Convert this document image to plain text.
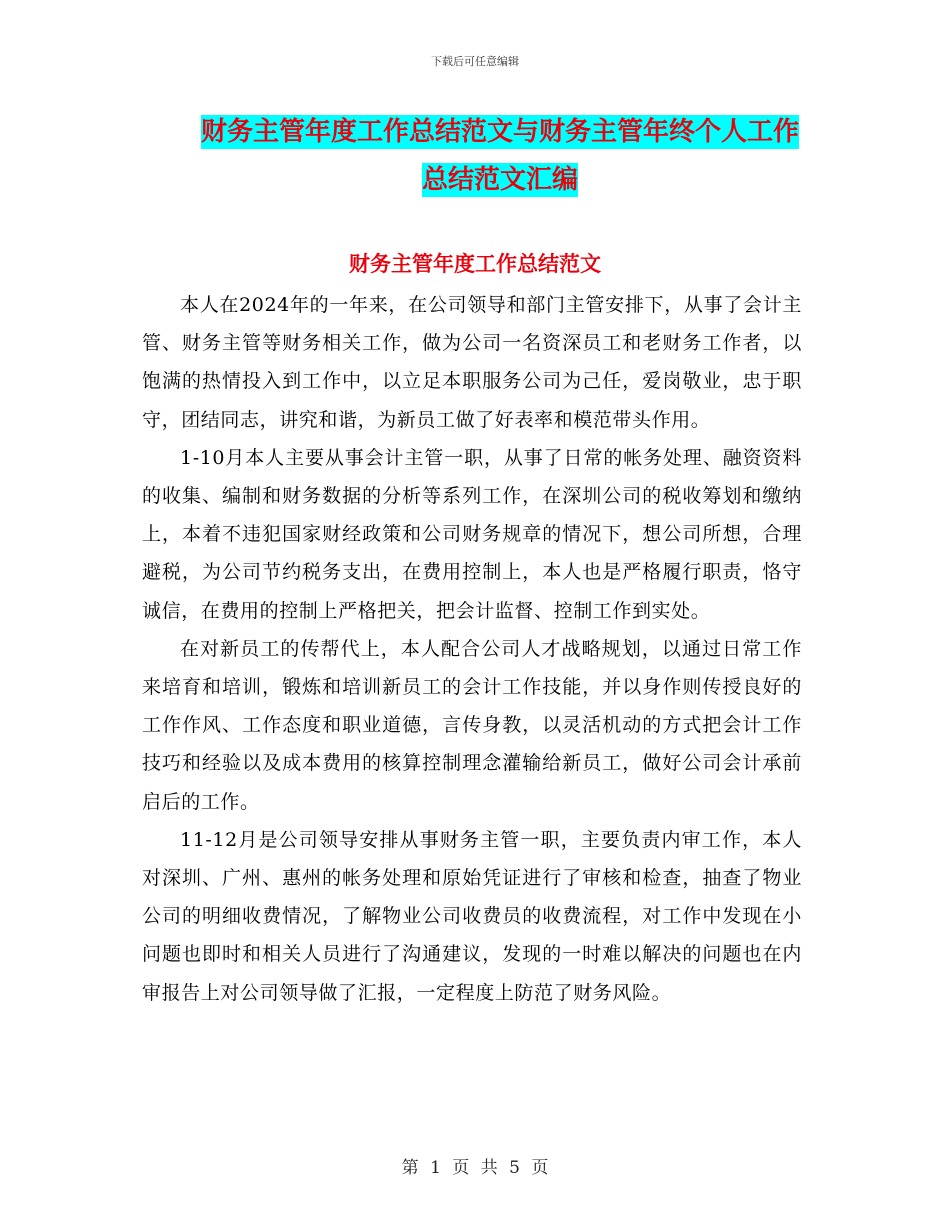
下载后可任意编辑
财务主管年度工作总结范文与财务主管年终个人工作
总结范文汇编
财务主管年度工作总结范文

本人在2024年的一年来，在公司领导和部门主管安排下，从事了会计主管、财务主管等财务相关工作，做为公司一名资深员工和老财务工作者，以饱满的热情投入到工作中，以立足本职服务公司为己任，爱岗敬业，忠于职守，团结同志，讲究和谐，为新员工做了好表率和模范带头作用。

1-10月本人主要从事会计主管一职，从事了日常的帐务处理、融资资料的收集、编制和财务数据的分析等系列工作，在深圳公司的税收筹划和缴纳上，本着不违犯国家财经政策和公司财务规章的情况下，想公司所想，合理避税，为公司节约税务支出，在费用控制上，本人也是严格履行职责，恪守诚信，在费用的控制上严格把关，把会计监督、控制工作到实处。

在对新员工的传帮代上，本人配合公司人才战略规划，以通过日常工作来培育和培训，锻炼和培训新员工的会计工作技能，并以身作则传授良好的工作作风、工作态度和职业道德，言传身教，以灵活机动的方式把会计工作技巧和经验以及成本费用的核算控制理念灌输给新员工，做好公司会计承前启后的工作。

11-12月是公司领导安排从事财务主管一职，主要负责内审工作，本人对深圳、广州、惠州的帐务处理和原始凭证进行了审核和检查，抽查了物业公司的明细收费情况，了解物业公司收费员的收费流程，对工作中发现在小问题也即时和相关人员进行了沟通建议，发现的一时难以解决的问题也在内审报告上对公司领导做了汇报，一定程度上防范了财务风险。

第 1 页 共 5 页
